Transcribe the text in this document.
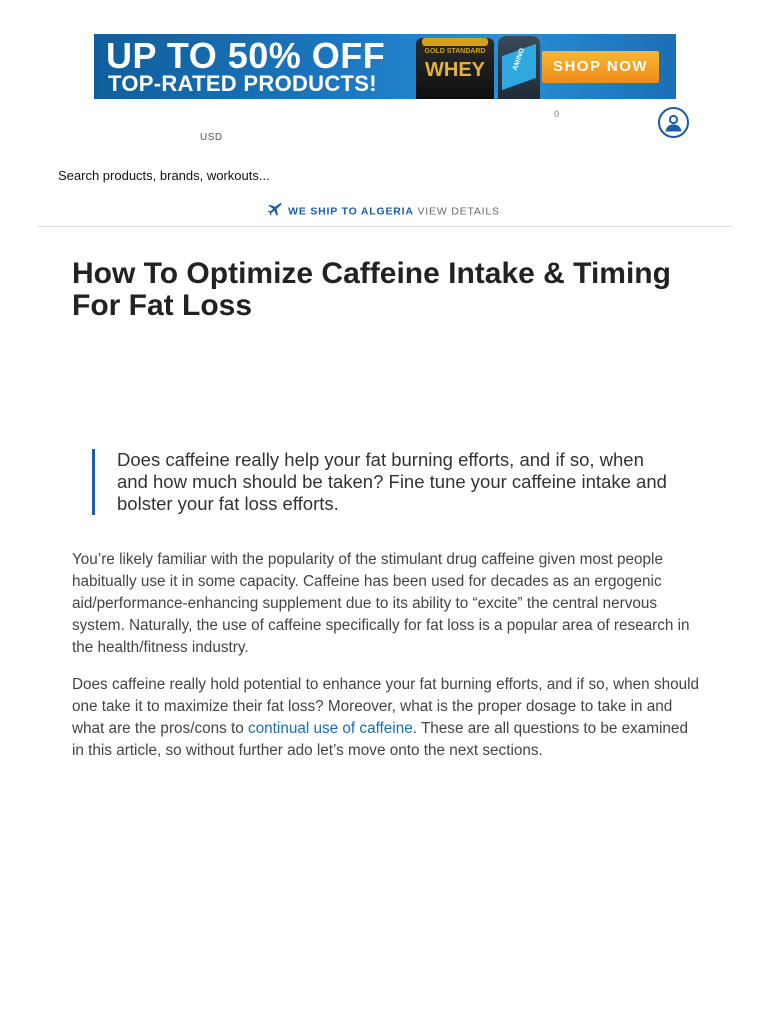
UP TO 50% OFF
TOP-RATED PRODUCTS!
GOLD STANDARD
WHEY	AMINO	SHOP NOW
USD
0
Search products, brands, workouts...
WE SHIP TO ALGERIA VIEW DETAILS
How To Optimize Caffeine Intake & Timing For Fat Loss
Does caffeine really help your fat burning efforts, and if so, when and how much should be taken? Fine tune your caffeine intake and bolster your fat loss efforts.

You’re likely familiar with the popularity of the stimulant drug caffeine given most people habitually use it in some capacity. Caffeine has been used for decades as an ergogenic aid/performance-enhancing supplement due to its ability to “excite” the central nervous system. Naturally, the use of caffeine specifically for fat loss is a popular area of research in the health/fitness industry.

Does caffeine really hold potential to enhance your fat burning efforts, and if so, when should one take it to maximize their fat loss? Moreover, what is the proper dosage to take in and what are the pros/cons to continual use of caffeine. These are all questions to be examined in this article, so without further ado let’s move onto the next sections.
